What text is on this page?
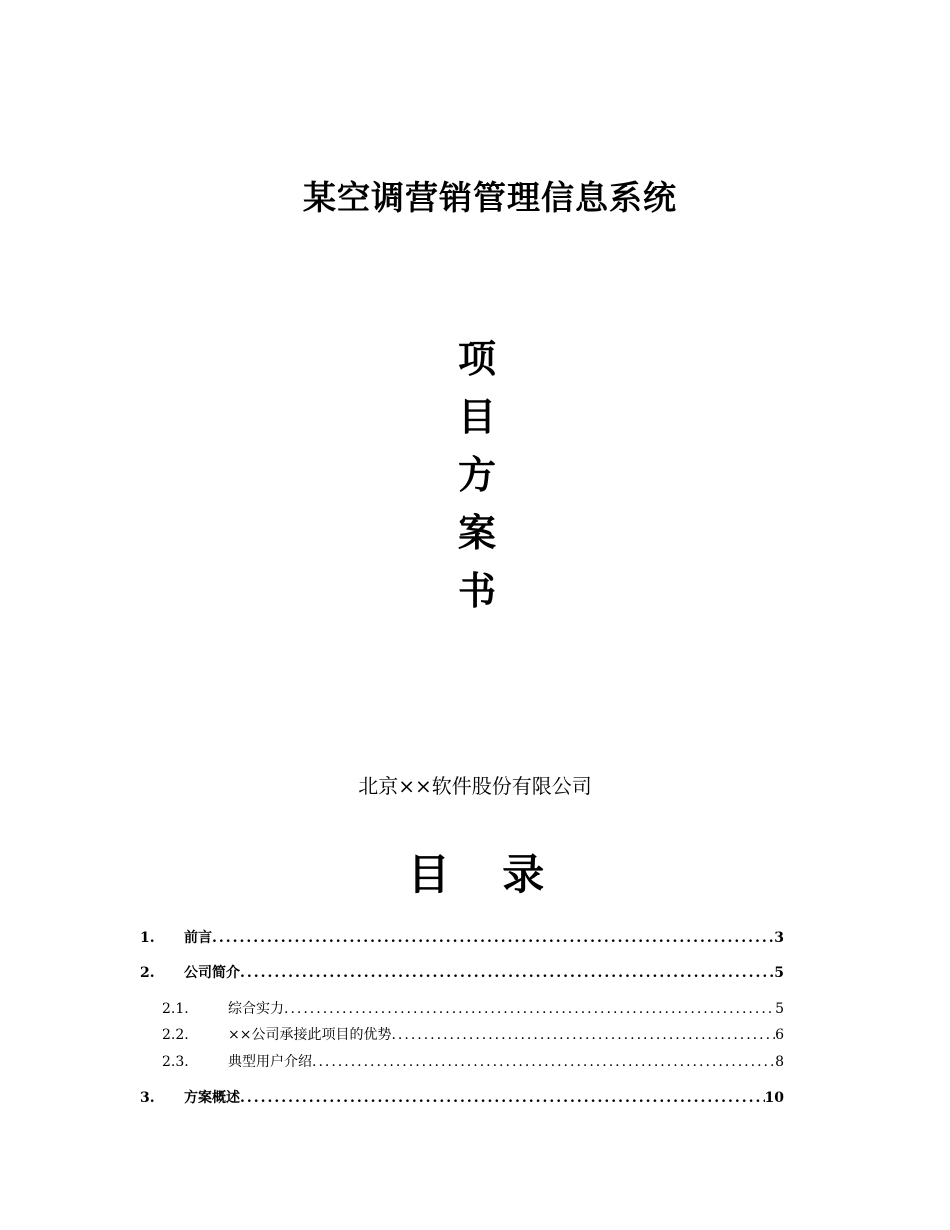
某空调营销管理信息系统
项
目
方
案
书
北京××软件股份有限公司
目 录
1.	前言 .....	3
2.	公司简介 .....	5
2.1.	综合实力 .....	5
2.2.	××公司承接此项目的优势 .....	6
2.3.	典型用户介绍 .....	8
3.	方案概述 .....	10
